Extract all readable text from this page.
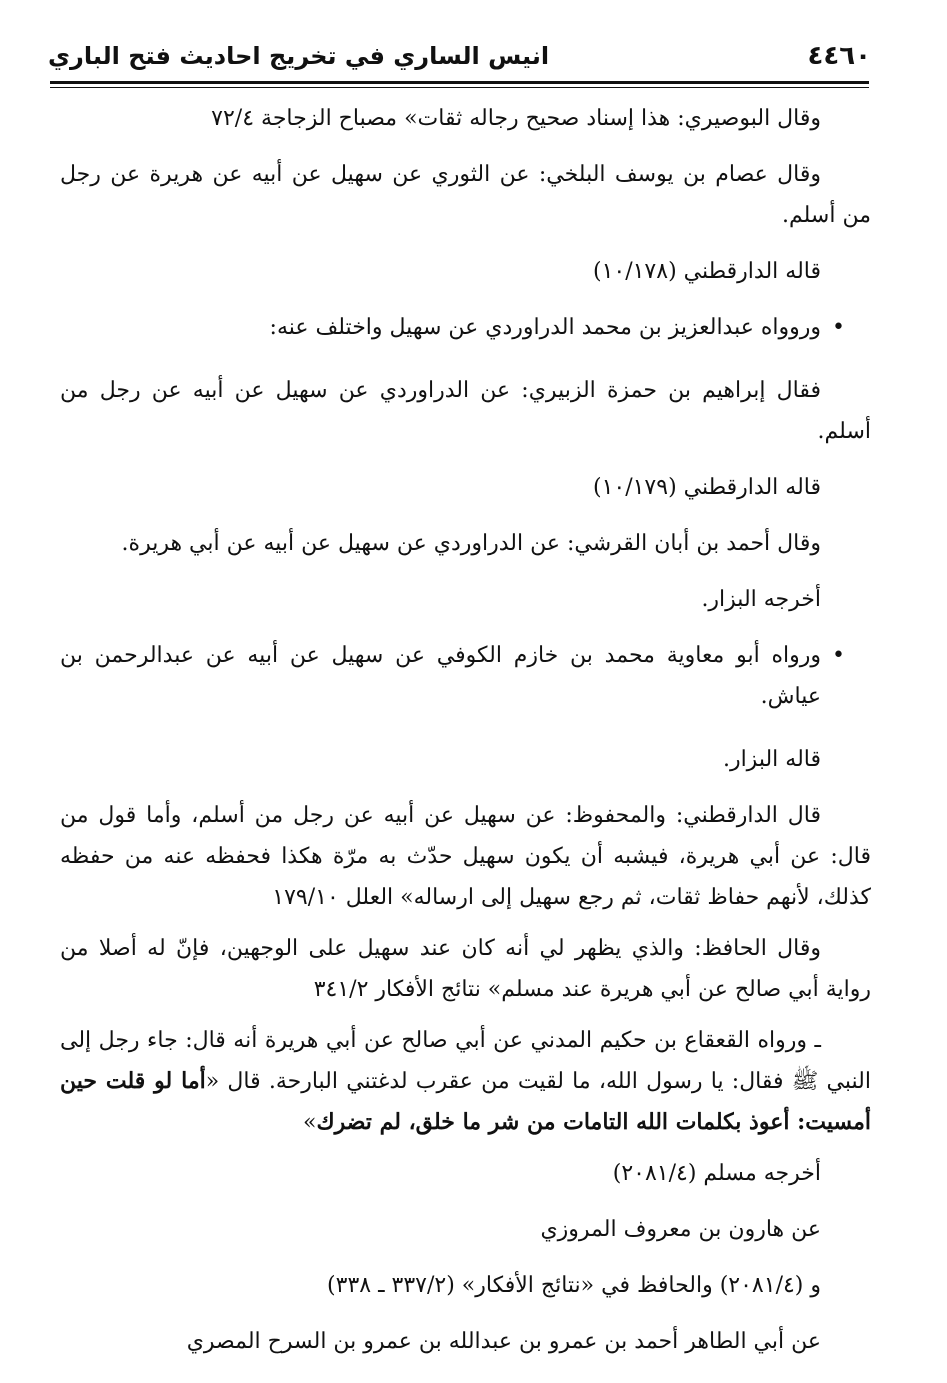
٤٤٦٠
انيس الساري في تخريج احاديث فتح الباري

وقال البوصيري: هذا إسناد صحيح رجاله ثقات» مصباح الزجاجة ٧٢/٤

وقال عصام بن يوسف البلخي: عن الثوري عن سهيل عن أبيه عن هريرة عن رجل من أسلم.

قاله الدارقطني (١٠/١٧٨)

•
وروواه عبدالعزيز بن محمد الدراوردي عن سهيل واختلف عنه:

فقال إبراهيم بن حمزة الزبيري: عن الدراوردي عن سهيل عن أبيه عن رجل من أسلم.

قاله الدارقطني (١٠/١٧٩)

وقال أحمد بن أبان القرشي: عن الدراوردي عن سهيل عن أبيه عن أبي هريرة.

أخرجه البزار.

•
ورواه أبو معاوية محمد بن خازم الكوفي عن سهيل عن أبيه عن عبدالرحمن بن عياش.

قاله البزار.

قال الدارقطني: والمحفوظ: عن سهيل عن أبيه عن رجل من أسلم، وأما قول من قال: عن أبي هريرة، فيشبه أن يكون سهيل حدّث به مرّة هكذا فحفظه عنه من حفظه كذلك، لأنهم حفاظ ثقات، ثم رجع سهيل إلى ارساله» العلل ١٧٩/١٠

وقال الحافظ: والذي يظهر لي أنه كان عند سهيل على الوجهين، فإنّ له أصلا من رواية أبي صالح عن أبي هريرة عند مسلم» نتائج الأفكار ٣٤١/٢

ـ ورواه القعقاع بن حكيم المدني عن أبي صالح عن أبي هريرة أنه قال: جاء رجل إلى النبي ﷺ فقال: يا رسول الله، ما لقيت من عقرب لدغتني البارحة. قال «أما لو قلت حين أمسيت: أعوذ بكلمات الله التامات من شر ما خلق، لم تضرك»

أخرجه مسلم (٢٠٨١/٤)

عن هارون بن معروف المروزي

و (٢٠٨١/٤) والحافظ في «نتائج الأفكار» (٣٣٧/٢ ـ ٣٣٨)

عن أبي الطاهر أحمد بن عمرو بن عبدالله بن عمرو بن السرح المصري
